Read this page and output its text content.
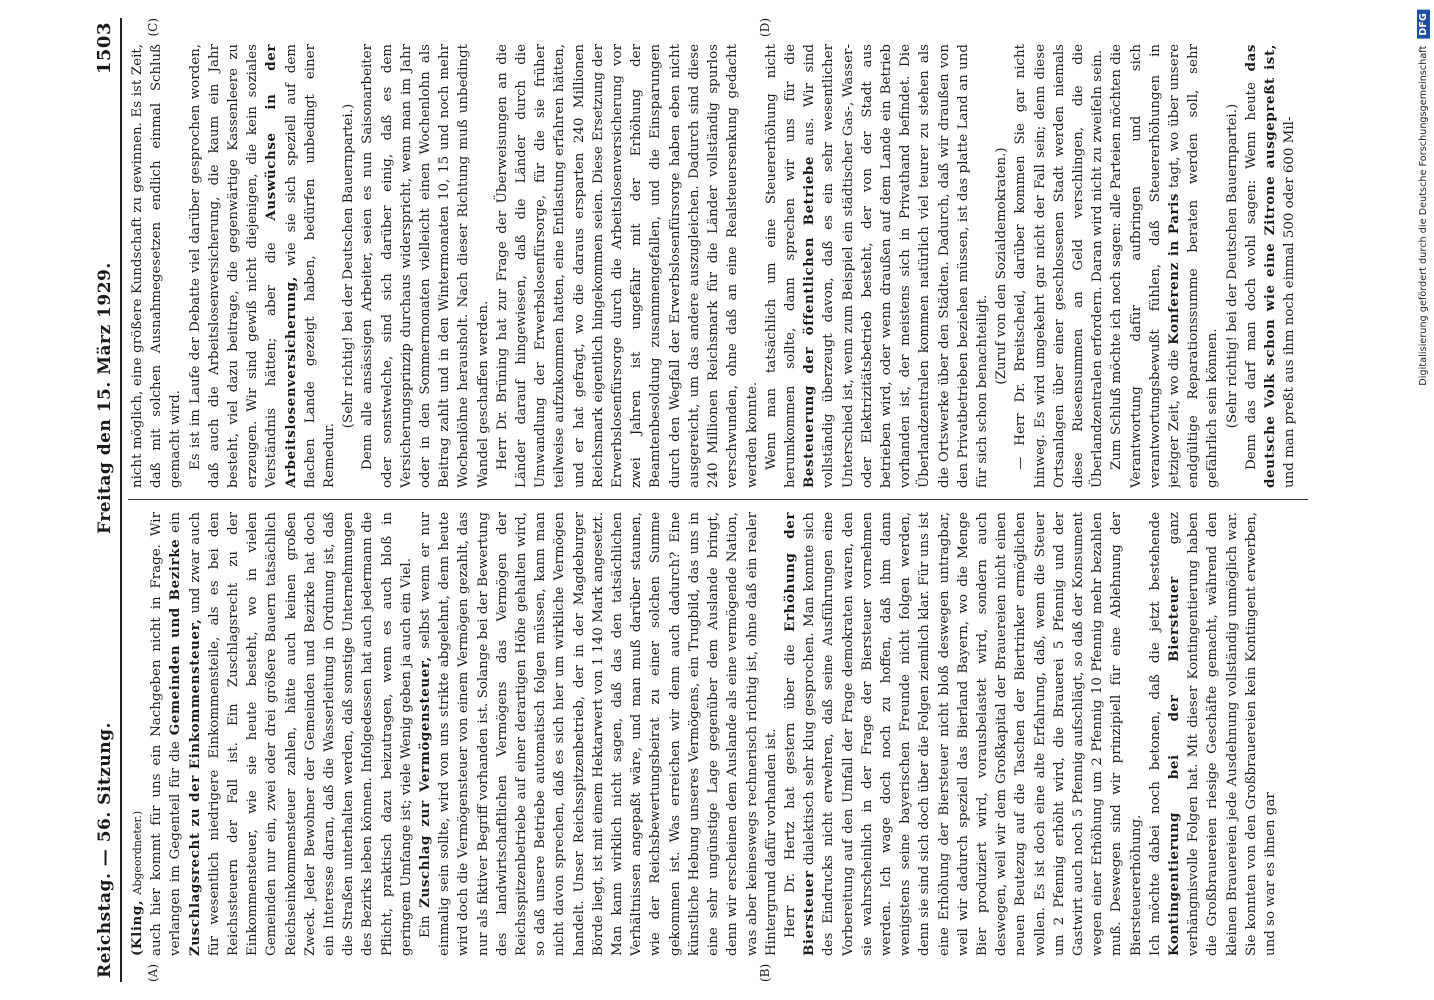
Reichstag. — 56. Sitzung.
Freitag den 15. März 1929.
1503
(A)	(B)
(C)	(D)

(Kling, Abgeordneter.) auch hier kommt für uns ein Nachgeben nicht in Frage. Wir verlangen im Gegenteil für die Gemeinden und Bezirke ein Zuschlagsrecht zu der Einkommensteuer, und zwar auch für wesentlich niedrigere Einkommensteile, als es bei den Reichssteuern der Fall ist. Ein Zuschlagsrecht zu der Einkommensteuer, wie sie heute besteht, wo in vielen Gemeinden nur ein, zwei oder drei größere Bauern tatsächlich Reichseinkommensteuer zahlen, hätte auch keinen großen Zweck. Jeder Bewohner der Gemeinden und Bezirke hat doch ein Interesse daran, daß die Wasserleitung in Ordnung ist, daß die Straßen unterhalten werden, daß sonstige Unternehmungen des Bezirks leben können. Infolgedessen hat auch jedermann die Pflicht, praktisch dazu beizutragen, wenn es auch bloß in geringem Umfange ist; viele Wenig geben ja auch ein Viel. Ein Zuschlag zur Vermögensteuer, selbst wenn er nur einmalig sein sollte, wird von uns strikte abgelehnt, denn heute wird doch die Vermögensteuer von einem Vermögen gezahlt, das nur als fiktiver Begriff vorhanden ist. Solange bei der Bewertung des landwirtschaftlichen Vermögens das Vermögen der Reichsspitzenbetriebe auf einer derartigen Höhe gehalten wird, so daß unsere Betriebe automatisch folgen müssen, kann man nicht davon sprechen, daß es sich hier um wirkliche Vermögen handelt. Unser Reichsspitzenbetrieb, der in der Magdeburger Börde liegt, ist mit einem Hektarwert von 1 140 Mark angesetzt. Man kann wirklich nicht sagen, daß das den tatsächlichen Verhältnissen angepaßt wäre, und man muß darüber staunen, wie der Reichsbewertungsbeirat zu einer solchen Summe gekommen ist. Was erreichen wir denn auch dadurch? Eine künstliche Hebung unseres Vermögens, ein Trugbild, das uns in eine sehr ungünstige Lage gegenüber dem Auslande bringt, denn wir erscheinen dem Auslande als eine vermögende Nation, was aber keineswegs rechnerisch richtig ist, ohne daß ein realer Hintergrund dafür vorhanden ist. Herr Dr. Hertz hat gestern über die Erhöhung der Biersteuer dialektisch sehr klug gesprochen. Man konnte sich des Eindrucks nicht erwehren, daß seine Ausführungen eine Vorbereitung auf den Umfall der Frage demokraten waren, den sie wahrscheinlich in der Frage der Biersteuer vornehmen werden. Ich wage doch noch zu hoffen, daß ihm dann wenigstens seine bayerischen Freunde nicht folgen werden, denn sie sind sich doch über die Folgen ziemlich klar. Für uns ist eine Erhöhung der Biersteuer nicht bloß deswegen untragbar, weil wir dadurch speziell das Bierland Bayern, wo die Menge Bier produziert wird, vorausbelastet wird, sondern auch deswegen, weil wir dem Großkapital der Brauereien nicht einen neuen Beutezug auf die Taschen der Biertrinker ermöglichen wollen. Es ist doch eine alte Erfahrung, daß, wenn die Steuer um 2 Pfennig erhöht wird, die Brauerei 5 Pfennig und der Gastwirt auch noch 5 Pfennig aufschlägt, so daß der Konsument wegen einer Erhöhung um 2 Pfennig 10 Pfennig mehr bezahlen muß. Deswegen sind wir prinzipiell für eine Ablehnung der Biersteuererhöhung. Ich möchte dabei noch betonen, daß die jetzt bestehende Kontingentierung bei der Biersteuer ganz verhängnisvolle Folgen hat. Mit dieser Kontingentierung haben die Großbrauereien riesige Geschäfte gemacht, während den kleinen Brauereien jede Ausdehnung vollständig unmöglich war. Sie konnten von den Großbrauereien kein Kontingent erwerben, und so war es ihnen gar

nicht möglich, eine größere Kundschaft zu gewinnen. Es ist Zeit, daß mit solchen Ausnahmegesetzen endlich einmal Schluß gemacht wird. Es ist im Laufe der Debatte viel darüber gesprochen worden, daß auch die Arbeitslosenversicherung, die kaum ein Jahr besteht, viel dazu beitrage, die gegenwärtige Kassenleere zu erzeugen. Wir sind gewiß nicht diejenigen, die kein soziales Verständnis hätten; aber die Auswüchse in der Arbeitslosenversicherung, wie sie sich speziell auf dem flachen Lande gezeigt haben, bedürfen unbedingt einer Remedur.

(Sehr richtig! bei der Deutschen Bauernpartei.) Denn alle ansässigen Arbeiter, seien es nun Saisonarbeiter oder sonstwelche, sind sich darüber einig, daß es dem Versicherungsprinzip durchaus widerspricht, wenn man im Jahr oder in den Sommermonaten vielleicht einen Wochenlohn als Beitrag zahlt und in den Wintermonaten 10, 15 und noch mehr Wochenlöhne herausholt. Nach dieser Richtung muß unbedingt Wandel geschaffen werden. Herr Dr. Brüning hat zur Frage der Überweisungen an die Länder darauf hingewiesen, daß die Länder durch die Umwandlung der Erwerbslosenfürsorge, für die sie früher teilweise aufzukommen hatten, eine Entlastung erfahren hätten, und er hat gefragt, wo die daraus ersparten 240 Millionen Reichsmark eigentlich hingekommen seien. Diese Ersetzung der Erwerbslosenfürsorge durch die Arbeitslosenversicherung vor zwei Jahren ist ungefähr mit der Erhöhung der Beamtenbesoldung zusammengefallen, und die Einsparungen durch den Wegfall der Erwerbslosenfürsorge haben eben nicht ausgereicht, um das andere auszugleichen. Dadurch sind diese 240 Millionen Reichsmark für die Länder vollständig spurlos verschwunden, ohne daß an eine Realsteuersenkung gedacht werden konnte. Wenn man tatsächlich um eine Steuererhöhung nicht herumkommen sollte, dann sprechen wir uns für die Besteuerung der öffentlichen Betriebe aus. Wir sind vollständig überzeugt davon, daß es ein sehr wesentlicher Unterschied ist, wenn zum Beispiel ein städtischer Gas-, Wasser- oder Elektrizitätsbetrieb besteht, der von der Stadt aus betrieben wird, oder wenn draußen auf dem Lande ein Betrieb vorhanden ist, der meistens sich in Privathand befindet. Die Überlandzentralen kommen natürlich viel teurer zu stehen als die Ortswerke über den Städten. Dadurch, daß wir draußen von den Privatbetrieben beziehen müssen, ist das platte Land an und für sich schon benachteiligt.

(Zuruf von den Sozialdemokraten.) — Herr Dr. Breitscheid, darüber kommen Sie gar nicht hinweg. Es wird umgekehrt gar nicht der Fall sein; denn diese Ortsanlagen über einer geschlossenen Stadt werden niemals diese Riesensummen an Geld verschlingen, die die Überlandzentralen erfordern. Daran wird nicht zu zweifeln sein. Zum Schluß möchte ich noch sagen: alle Parteien möchten die Verantwortung dafür aufbringen und sich verantwortungsbewußt fühlen, daß Steuererhöhungen in jetziger Zeit, wo die Konferenz in Paris tagt, wo über unsere endgültige Reparationssumme beraten werden soll, sehr gefährlich sein können. (Sehr richtig! bei der Deutschen Bauernpartei.) Denn das darf man doch wohl sagen: Wenn heute das deutsche Volk schon wie eine Zitrone ausgepreßt ist, und man preßt aus ihm noch einmal 500 oder 600 Mil-	Digitalisierung gefördert durch die Deutsche Forschungsgemeinschaft DFG
